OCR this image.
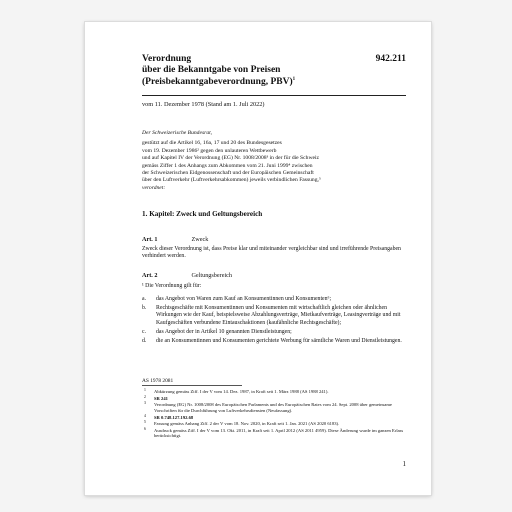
Verordnung
über die Bekanntgabe von Preisen
(Preisbekanntgabeverordnung, PBV)$^1$
942.211
vom 11. Dezember 1978 (Stand am 1. Juli 2022)
Der Schweizerische Bundesrat,
gestützt auf die Artikel 16, 16a, 17 und 20 des Bundesgesetzes
vom 19. Dezember 1986² gegen den unlauteren Wettbewerb
und auf Kapitel IV der Verordnung (EG) Nr. 1008/2008³ in der für die Schweiz
gemäss Ziffer 1 des Anhangs zum Abkommen vom 21. Juni 1999⁴ zwischen
der Schweizerischen Eidgenossenschaft und der Europäischen Gemeinschaft
über den Luftverkehr (Luftverkehrsabkommen) jeweils verbindlichen Fassung,⁵
verordnet:
1. Kapitel: Zweck und Geltungsbereich
Art. 1	Zweck
Zweck dieser Verordnung ist, dass Preise klar und miteinander vergleichbar sind und irreführende Preisangaben verhindert werden.
Art. 2	Geltungsbereich
¹ Die Verordnung gilt für:
a. das Angebot von Waren zum Kauf an Konsumentinnen und Konsumenten⁶;
b. Rechtsgeschäfte mit Konsumentinnen und Konsumenten mit wirtschaftlich gleichen oder ähnlichen Wirkungen wie der Kauf, beispielsweise Abzahlungsverträge, Mietkaufverträge, Leasingverträge und mit Kaufgeschäften verbundene Eintauschaktionen (kaufähnliche Rechtsgeschäfte);
c. das Angebot der in Artikel 10 genannten Dienstleistungen;
d. die an Konsumentinnen und Konsumenten gerichtete Werbung für sämtliche Waren und Dienstleistungen.
AS 1978 2081
1 Abkürzung gemäss Ziff. I der V vom 14. Dez. 1987, in Kraft seit 1. März 1988 (AS 1988 241).
2 SR 241
3 Verordnung (EG) Nr. 1008/2008 des Europäischen Parlaments und des Europäischen Rates vom 24. Sept. 2008 über gemeinsame Vorschriften für die Durchführung von Luftverkehrsdiensten (Neufassung).
4 SR 0.748.127.192.68
5 Fassung gemäss Anhang Ziff. 2 der V vom 18. Nov. 2020, in Kraft seit 1. Jan. 2021 (AS 2020 6183).
6 Ausdruck gemäss Ziff. I der V vom 13. Okt. 2011, in Kraft seit 1. April 2012 (AS 2011 4959). Diese Änderung wurde im ganzen Erlass berücksichtigt.
1
